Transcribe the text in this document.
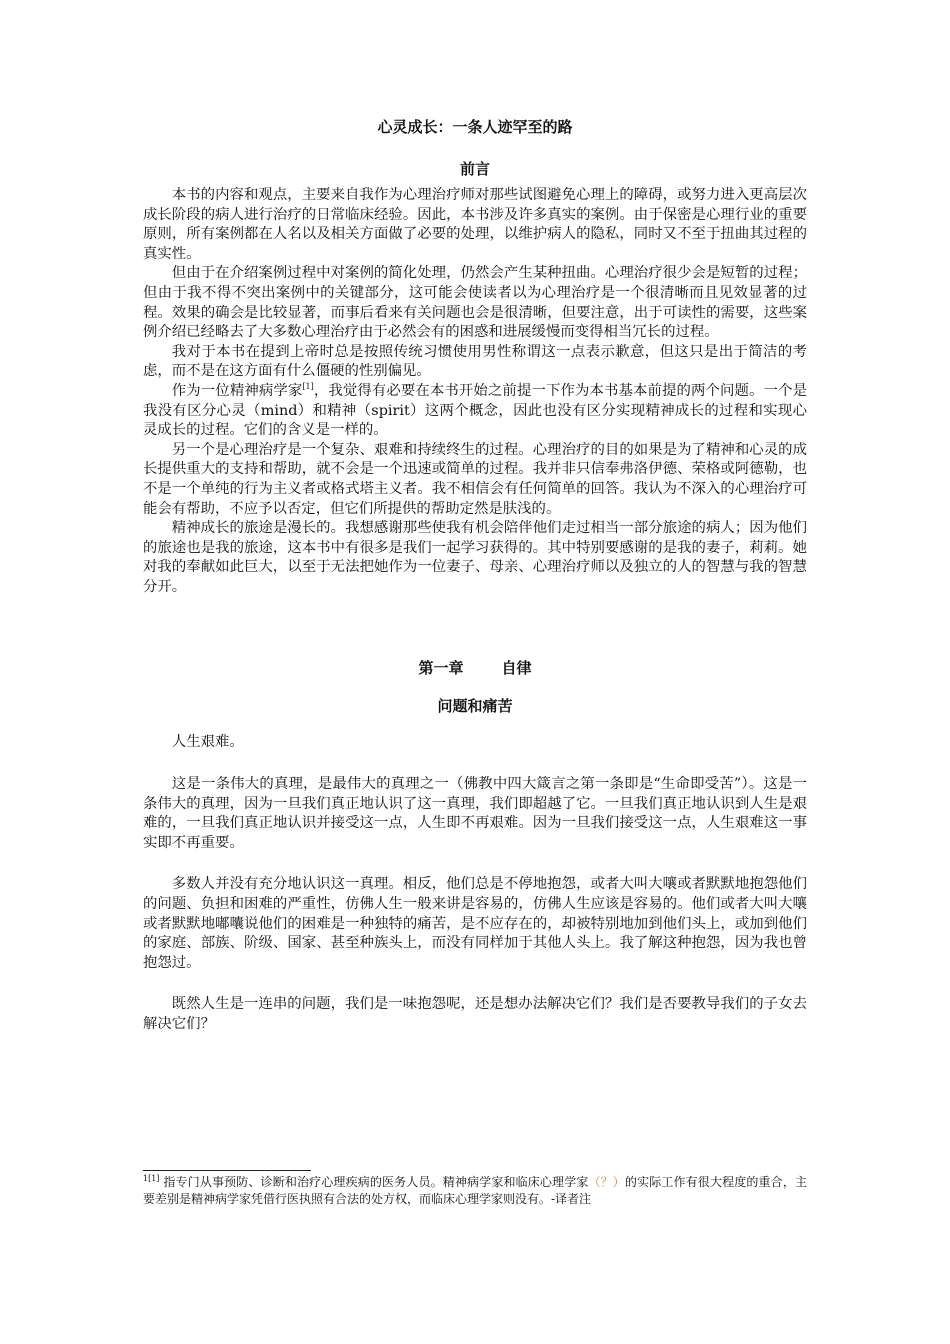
心灵成长：一条人迹罕至的路
前言

本书的内容和观点，主要来自我作为心理治疗师对那些试图避免心理上的障碍，或努力进入更高层次成长阶段的病人进行治疗的日常临床经验。因此，本书涉及许多真实的案例。由于保密是心理行业的重要原则，所有案例都在人名以及相关方面做了必要的处理，以维护病人的隐私，同时又不至于扭曲其过程的真实性。

但由于在介绍案例过程中对案例的简化处理，仍然会产生某种扭曲。心理治疗很少会是短暂的过程；但由于我不得不突出案例中的关键部分，这可能会使读者以为心理治疗是一个很清晰而且见效显著的过程。效果的确会是比较显著，而事后看来有关问题也会是很清晰，但要注意，出于可读性的需要，这些案例介绍已经略去了大多数心理治疗由于必然会有的困惑和进展缓慢而变得相当冗长的过程。

我对于本书在提到上帝时总是按照传统习惯使用男性称谓这一点表示歉意，但这只是出于简洁的考虑，而不是在这方面有什么僵硬的性别偏见。

作为一位精神病学家[1]，我觉得有必要在本书开始之前提一下作为本书基本前提的两个问题。一个是我没有区分心灵（mind）和精神（spirit）这两个概念，因此也没有区分实现精神成长的过程和实现心灵成长的过程。它们的含义是一样的。

另一个是心理治疗是一个复杂、艰难和持续终生的过程。心理治疗的目的如果是为了精神和心灵的成长提供重大的支持和帮助，就不会是一个迅速或简单的过程。我并非只信奉弗洛伊德、荣格或阿德勒，也不是一个单纯的行为主义者或格式塔主义者。我不相信会有任何简单的回答。我认为不深入的心理治疗可能会有帮助，不应予以否定，但它们所提供的帮助定然是肤浅的。

精神成长的旅途是漫长的。我想感谢那些使我有机会陪伴他们走过相当一部分旅途的病人；因为他们的旅途也是我的旅途，这本书中有很多是我们一起学习获得的。其中特别要感谢的是我的妻子，莉莉。她对我的奉献如此巨大，以至于无法把她作为一位妻子、母亲、心理治疗师以及独立的人的智慧与我的智慧分开。

第一章	自律
问题和痛苦

人生艰难。

这是一条伟大的真理，是最伟大的真理之一（佛教中四大箴言之第一条即是“生命即受苦”）。这是一条伟大的真理，因为一旦我们真正地认识了这一真理，我们即超越了它。一旦我们真正地认识到人生是艰难的，一旦我们真正地认识并接受这一点，人生即不再艰难。因为一旦我们接受这一点，人生艰难这一事实即不再重要。

多数人并没有充分地认识这一真理。相反，他们总是不停地抱怨，或者大叫大嚷或者默默地抱怨他们的问题、负担和困难的严重性，仿佛人生一般来讲是容易的，仿佛人生应该是容易的。他们或者大叫大嚷或者默默地嘟囔说他们的困难是一种独特的痛苦，是不应存在的，却被特别地加到他们头上，或加到他们的家庭、部族、阶级、国家、甚至种族头上，而没有同样加于其他人头上。我了解这种抱怨，因为我也曾抱怨过。

既然人生是一连串的问题，我们是一味抱怨呢，还是想办法解决它们？我们是否要教导我们的子女去解决它们？

$^{1[1]}$ 指专门从事预防、诊断和治疗心理疾病的医务人员。精神病学家和临床心理学家（？）的实际工作有很大程度的重合，主要差别是精神病学家凭借行医执照有合法的处方权，而临床心理学家则没有。-译者注
